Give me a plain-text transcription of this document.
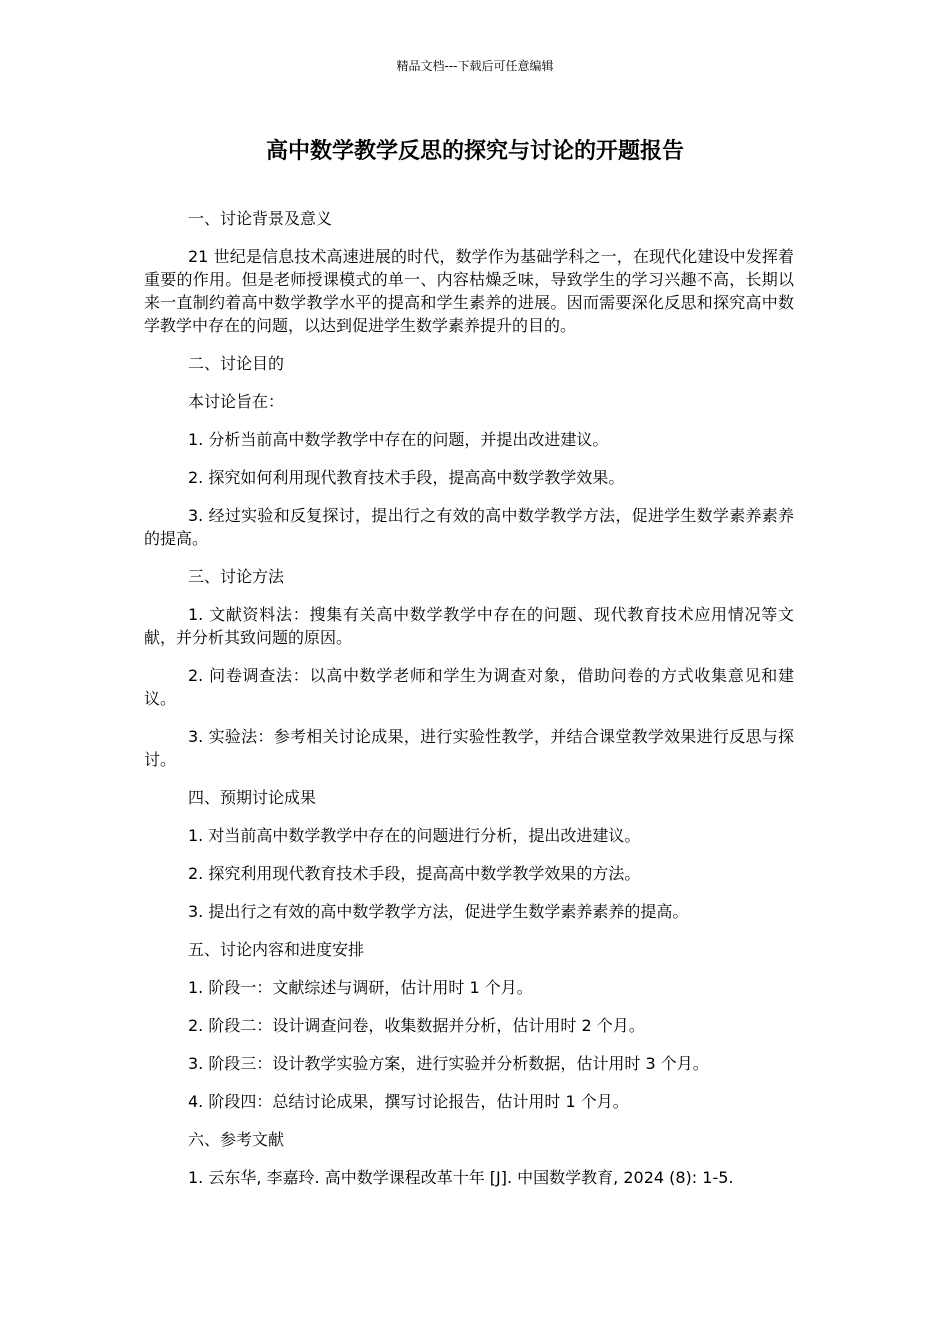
精品文档---下载后可任意编辑
高中数学教学反思的探究与讨论的开题报告

一、讨论背景及意义

21 世纪是信息技术高速进展的时代，数学作为基础学科之一，在现代化建设中发挥着重要的作用。但是老师授课模式的单一、内容枯燥乏味，导致学生的学习兴趣不高，长期以来一直制约着高中数学教学水平的提高和学生素养的进展。因而需要深化反思和探究高中数学教学中存在的问题，以达到促进学生数学素养提升的目的。

二、讨论目的

本讨论旨在：

1. 分析当前高中数学教学中存在的问题，并提出改进建议。

2. 探究如何利用现代教育技术手段，提高高中数学教学效果。

3. 经过实验和反复探讨，提出行之有效的高中数学教学方法，促进学生数学素养素养的提高。

三、讨论方法

1. 文献资料法：搜集有关高中数学教学中存在的问题、现代教育技术应用情况等文献，并分析其致问题的原因。

2. 问卷调查法：以高中数学老师和学生为调查对象，借助问卷的方式收集意见和建议。

3. 实验法：参考相关讨论成果，进行实验性教学，并结合课堂教学效果进行反思与探讨。

四、预期讨论成果

1. 对当前高中数学教学中存在的问题进行分析，提出改进建议。

2. 探究利用现代教育技术手段，提高高中数学教学效果的方法。

3. 提出行之有效的高中数学教学方法，促进学生数学素养素养的提高。

五、讨论内容和进度安排

1. 阶段一：文献综述与调研，估计用时 1 个月。

2. 阶段二：设计调查问卷，收集数据并分析，估计用时 2 个月。

3. 阶段三：设计教学实验方案，进行实验并分析数据，估计用时 3 个月。

4. 阶段四：总结讨论成果，撰写讨论报告，估计用时 1 个月。

六、参考文献

1. 云东华, 李嘉玲. 高中数学课程改革十年 [J]. 中国数学教育, 2024 (8): 1-5.
